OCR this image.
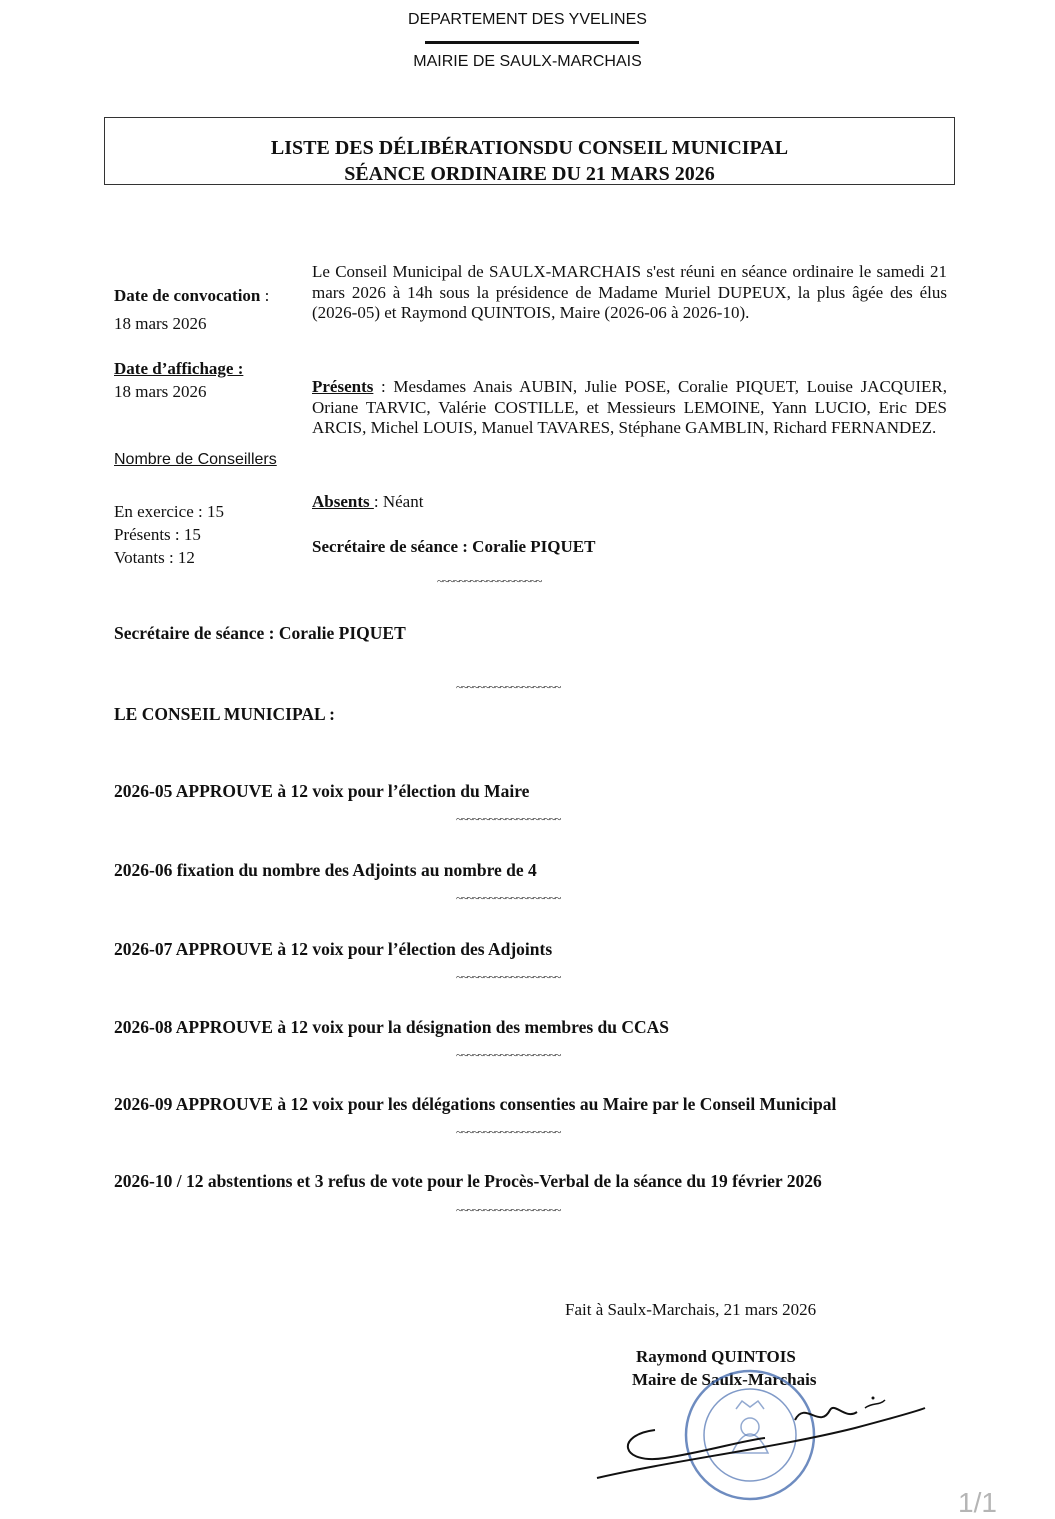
DEPARTEMENT DES YVELINES
MAIRIE DE SAULX-MARCHAIS
LISTE DES DÉLIBÉRATIONSDU CONSEIL MUNICIPAL
SÉANCE ORDINAIRE DU 21 MARS 2026
Date de convocation :
18 mars 2026
Date d’affichage :
18 mars 2026
Nombre de Conseillers
En exercice : 15
Présents : 15
Votants : 12
Le Conseil Municipal de SAULX-MARCHAIS s'est réuni en séance ordinaire le samedi 21 mars 2026 à 14h sous la présidence de Madame Muriel DUPEUX, la plus âgée des élus (2026-05) et Raymond QUINTOIS, Maire (2026-06 à 2026-10).
Présents : Mesdames Anais AUBIN, Julie POSE, Coralie PIQUET, Louise JACQUIER, Oriane TARVIC, Valérie COSTILLE, et Messieurs LEMOINE, Yann LUCIO, Eric DES ARCIS, Michel LOUIS, Manuel TAVARES, Stéphane GAMBLIN, Richard FERNANDEZ.
Absents : Néant
Secrétaire de séance : Coralie PIQUET
~~~~~~~~~~~~~~~~~~~
Secrétaire de séance : Coralie PIQUET
~~~~~~~~~~~~~~~~~~~
LE CONSEIL MUNICIPAL :
2026-05 APPROUVE à 12 voix pour l’élection du Maire
~~~~~~~~~~~~~~~~~~~
2026-06 fixation du nombre des Adjoints au nombre de 4
~~~~~~~~~~~~~~~~~~~
2026-07 APPROUVE à 12 voix pour l’élection des Adjoints
~~~~~~~~~~~~~~~~~~~
2026-08 APPROUVE à 12 voix pour la désignation des membres du CCAS
~~~~~~~~~~~~~~~~~~~
2026-09 APPROUVE à 12 voix pour les délégations consenties au Maire par le Conseil Municipal
~~~~~~~~~~~~~~~~~~~
2026-10 / 12 abstentions et 3 refus de vote pour le Procès-Verbal de la séance du 19 février 2026
~~~~~~~~~~~~~~~~~~~
Fait à Saulx-Marchais, 21 mars 2026
Raymond QUINTOIS
Maire de Saulx-Marchais
1/1
